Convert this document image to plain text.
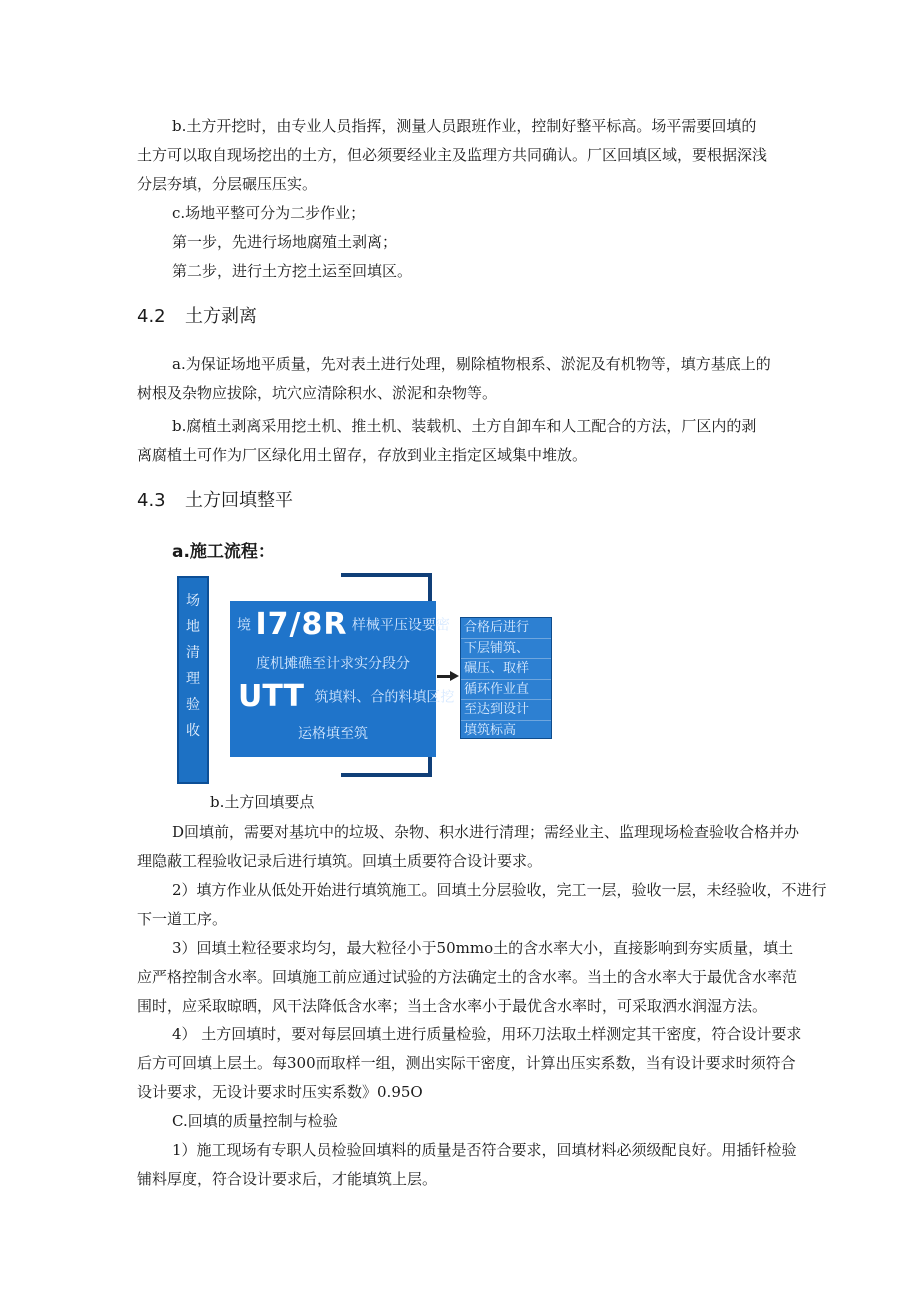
b.土方开挖时，由专业人员指挥，测量人员跟班作业，控制好整平标高。场平需要回填的
土方可以取自现场挖出的土方，但必须要经业主及监理方共同确认。厂区回填区域，要根据深浅
分层夯填，分层碾压压实。
c.场地平整可分为二步作业；
第一步，先进行场地腐殖土剥离；
第二步，进行土方挖土运至回填区。
4.2 土方剥离
a.为保证场地平质量，先对表土进行处理，剔除植物根系、淤泥及有机物等，填方基底上的
树根及杂物应拔除，坑穴应清除积水、淤泥和杂物等。
b.腐植土剥离采用挖土机、推土机、装载机、土方自卸车和人工配合的方法，厂区内的剥
离腐植土可作为厂区绿化用土留存，存放到业主指定区域集中堆放。
4.3 土方回填整平
a.施工流程：
场
地
清
理
验
收
境 I7/8R 样械平压设要密
度机摊礁至计求实分段分
UTT 筑填料、合的料填区挖
运格填至筑
合格后进行
下层铺筑、
碾压、取样
循环作业直
至达到设计
填筑标高
b.土方回填要点
D回填前，需要对基坑中的垃圾、杂物、积水进行清理；需经业主、监理现场检查验收合格并办
理隐蔽工程验收记录后进行填筑。回填土质要符合设计要求。
2）填方作业从低处开始进行填筑施工。回填土分层验收，完工一层，验收一层，未经验收，不进行
下一道工序。
3）回填土粒径要求均匀，最大粒径小于50mmo土的含水率大小，直接影响到夯实质量，填土
应严格控制含水率。回填施工前应通过试验的方法确定土的含水率。当土的含水率大于最优含水率范
围时，应采取晾晒，风干法降低含水率；当土含水率小于最优含水率时，可采取洒水润湿方法。
4） 土方回填时，要对每层回填土进行质量检验，用环刀法取土样测定其干密度，符合设计要求
后方可回填上层土。每300而取样一组，测出实际干密度，计算出压实系数，当有设计要求时须符合
设计要求，无设计要求时压实系数》0.95O
C.回填的质量控制与检验
1）施工现场有专职人员检验回填料的质量是否符合要求，回填材料必须级配良好。用插钎检验
铺料厚度，符合设计要求后，才能填筑上层。
